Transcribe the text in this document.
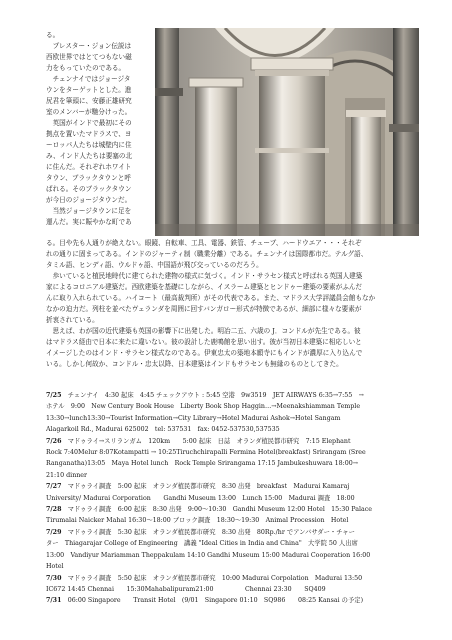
る。

　プレスター・ジョン伝説は

西欧世界ではとてつもない磁

力をもっていたのである。

　チェンナイではジョージタ

ウンをターゲットとした。進

尻君を筆頭に、安藤正雄研究

室のメンバーが馳分けった。

　英国がインドで最初にその

拠点を置いたマドラスで、ヨ

ーロッパ人たちは城壁内に住

み、インド人たちは要塞の北

に住んだ。それぞれホワイト

タウン、ブラックタウンと呼

ばれる。そのブラックタウン

が今日のジョージタウンだ。

　当然ジョージタウンに足を

運んだ。実に賑やかな町であ

る。目や先も人通りが絶えない。眼鏡、自転車、工具、電器、鉄管、チューブ、ハードウエア・・・それぞ

れの通りに固まってある。インドのジャーティ制（職業分離）である。チェンナイは国際都市だ。テルグ語、

タミル語、ヒンディ語、ウルドゥ語、中国語が飛び交っているのだろう。

　歩いていると植民地時代に建てられた建物の様式に気づく。インド・サラセン様式と呼ばれる英国人建築

家によるコロニアル建築だ。西欧建築を基礎にしながら、イスラーム建築とヒンドゥー建築の要素がふんだ

んに取り入れられている。ハイコート（最高裁判所）がその代表である。また、マドラス大学評議員会館もなか

なかの迫力だ。列柱を並べたヴェランダを周囲に回すバンガロー形式が特徴であるが、細部に様々な要素が

折衷されている。

　思えば、わが国の近代建築も英国の影響下に出発した。明冶二五、六歳の J．コンドルが先生である。彼

はマドラス経由で日本に来たに違いない。彼の設計した鹿鳴館を思い出す。彼が当初日本建築に相応しいと

イメージしたのはインド・サラセン様式なのである。伊東忠太の築地本願寺にもインドが濃厚に入り込んで

いる。しかし何故か、コンドル・忠太以降、日本建築はインドもサラセンも無縁のものとしてきた。

7/25　 チェンナイ　4:30 起床　4:45 チェックアウト : 5:45 空港　9w3519　JET AIRWAYS 6:35→7:55　→

ホテル　9:00　New Century Book House　Liberty Book Shop Haggin…→Meenakshiamman Temple

13:30→lunch13:30→Tourist Information→City Library→Hotel Madurai Ashok→Hotel Sangam

Alagarkoil Rd., Madurai 625002　tel: 537531　fax: 0452-537530,537535

7/26　 マドゥライ→スリランガム　120km　　5:00 起床　日誌　オランダ植民都市研究　7:15 Elephant

Rock 7:40Melur 8:07Kotampatti → 10:25Tiruchchirapalli Fermina Hotel(breakfast) Srirangam (Sree

Ranganatha)13:05　Maya Hotel lunch　Rock Temple Srirangama 17:15 Jambukeshuwara 18:00→

21:10 dinner

7/27　 マドゥライ調査　5:00 起床　オランダ植民都市研究　8:30 出発　breakfast　Madurai Kamaraj

University/ Madurai Corporation　　Gandhi Museum 13:00　Lunch 15:00　Madurai 調査　18:00

7/28　 マドゥライ調査　6:00 起床　8:30 出発　9:00〜10:30　Gandhi Museum 12:00 Hotel　15:30 Palace

Tirumalai Naicker Mahal 16:30〜18:00 ブロック調査　18:30〜19:30　Animal Procession　Hotel

7/29　 マドゥライ調査　5:30 起床　オランダ植民都市研究　8:30 出発　80Rp./hr でアンバサダー・チャー

ター　Thiagarajar College of Engineering　講義 "Ideal Cities in India and China"　大学院 50 人出席

13:00　Vandiyur Mariamman Theppakulam 14:10 Gandhi Museum 15:00 Madurai Cooperation 16:00

Hotel

7/30　 マドゥライ調査　5:50 起床　オランダ植民都市研究　10:00 Madurai Corpolation　Madurai 13:50

IC672 14:45 Chennai　　15:30Mahabalipuram21:00　　　　　Chennai 23:30　　SQ409

7/31　 06:00 Singapore　　Transit Hotel　(9/01　Singapore 01:10　SQ986　　08:25 Kansai の予定)
